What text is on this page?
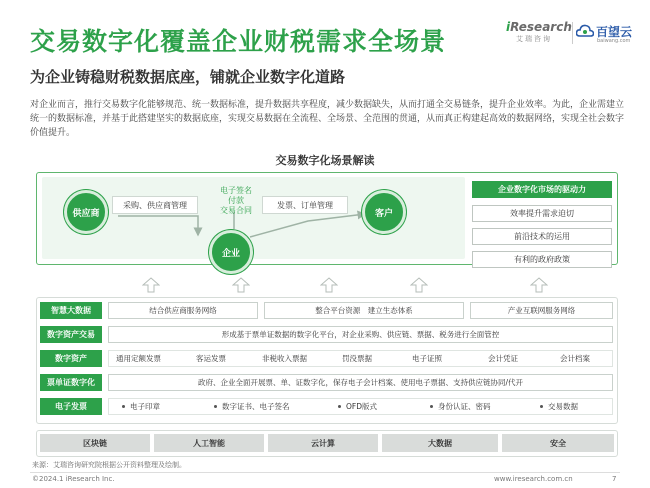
交易数字化覆盖企业财税需求全场景
为企业铸稳财税数据底座，铺就企业数字化道路
iResearch
艾瑞咨询	百望云
baiwang.com
对企业而言，推行交易数字化能够规范、统一数据标准，提升数据共享程度，减少数据缺失，从而打通全交易链条，提升企业效率。为此，企业需建立统一的数据标准，并基于此搭建坚实的数据底座，实现交易数据在全流程、全场景、全范围的贯通，从而真正构建起高效的数据网络，实现全社会数字价值提升。
交易数字化场景解读
供应商
企业
客户
采购、供应商管理	发票、订单管理
电子签名
付款
交易合同
企业数字化市场的驱动力
效率提升需求迫切
前沿技术的运用
有利的政府政策
智慧大数据	结合供应商服务网络	整合平台资源　建立生态体系	产业互联网服务网络
数字资产交易	形成基于票单证数据的数字化平台，对企业采购、供应链、票据、税务进行全面管控
数字资产	通用定额发票	客运发票	非税收入票据	罚没票据	电子证照	会计凭证	会计档案
票单证数字化	政府、企业全面开展票、单、证数字化，保存电子会计档案、使用电子票据、支持供应链协同/代开
电子发票	电子印章	数字证书、电子签名	OFD版式	身份认证、密码	交易数据
区块链	人工智能	云计算	大数据	安全
来源：艾瑞咨询研究院根据公开资料整理及绘制。
©2024.1 iResearch Inc.	www.iresearch.com.cn	7
